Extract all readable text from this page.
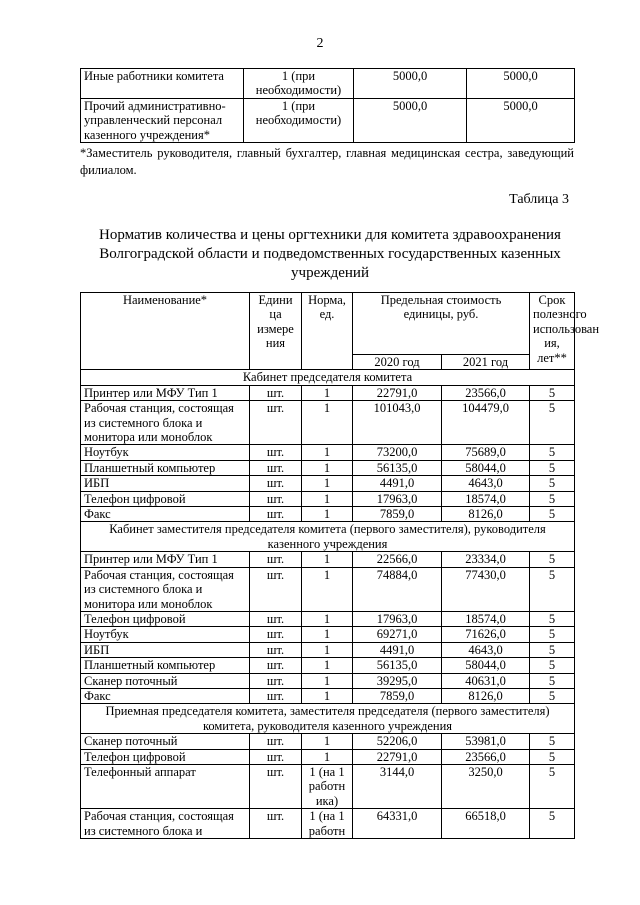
2
Иные работники комитета	1 (при необходимости)	5000,0	5000,0
Прочий административно-управленческий персонал казенного учреждения*	1 (при необходимости)	5000,0	5000,0
*Заместитель руководителя, главный бухгалтер, главная медицинская сестра, заведующий филиалом.
Таблица 3
Норматив количества и цены оргтехники для комитета здравоохранения Волгоградской области и подведомственных государственных казенных учреждений
Наименование*	Едини ца измере ния	Норма, ед.	Предельная стоимость единицы, руб.		Срок полезного использован ия, лет**
			2020 год	2021 год	
Кабинет председателя комитета					
Принтер или МФУ Тип 1	шт.	1	22791,0	23566,0	5
Рабочая станция, состоящая из системного блока и монитора или моноблок	шт.	1	101043,0	104479,0	5
Ноутбук	шт.	1	73200,0	75689,0	5
Планшетный компьютер	шт.	1	56135,0	58044,0	5
ИБП	шт.	1	4491,0	4643,0	5
Телефон цифровой	шт.	1	17963,0	18574,0	5
Факс	шт.	1	7859,0	8126,0	5
Кабинет заместителя председателя комитета (первого заместителя), руководителя казенного учреждения					
Принтер или МФУ Тип 1	шт.	1	22566,0	23334,0	5
Рабочая станция, состоящая из системного блока и монитора или моноблок	шт.	1	74884,0	77430,0	5
Телефон цифровой	шт.	1	17963,0	18574,0	5
Ноутбук	шт.	1	69271,0	71626,0	5
ИБП	шт.	1	4491,0	4643,0	5
Планшетный компьютер	шт.	1	56135,0	58044,0	5
Сканер поточный	шт.	1	39295,0	40631,0	5
Факс	шт.	1	7859,0	8126,0	5
Приемная председателя комитета, заместителя председателя (первого заместителя) комитета, руководителя казенного учреждения					
Сканер поточный	шт.	1	52206,0	53981,0	5
Телефон цифровой	шт.	1	22791,0	23566,0	5
Телефонный аппарат	шт.	1 (на 1 работн ика)	3144,0	3250,0	5
Рабочая станция, состоящая из системного блока и	шт.	1 (на 1 работн	64331,0	66518,0	5
